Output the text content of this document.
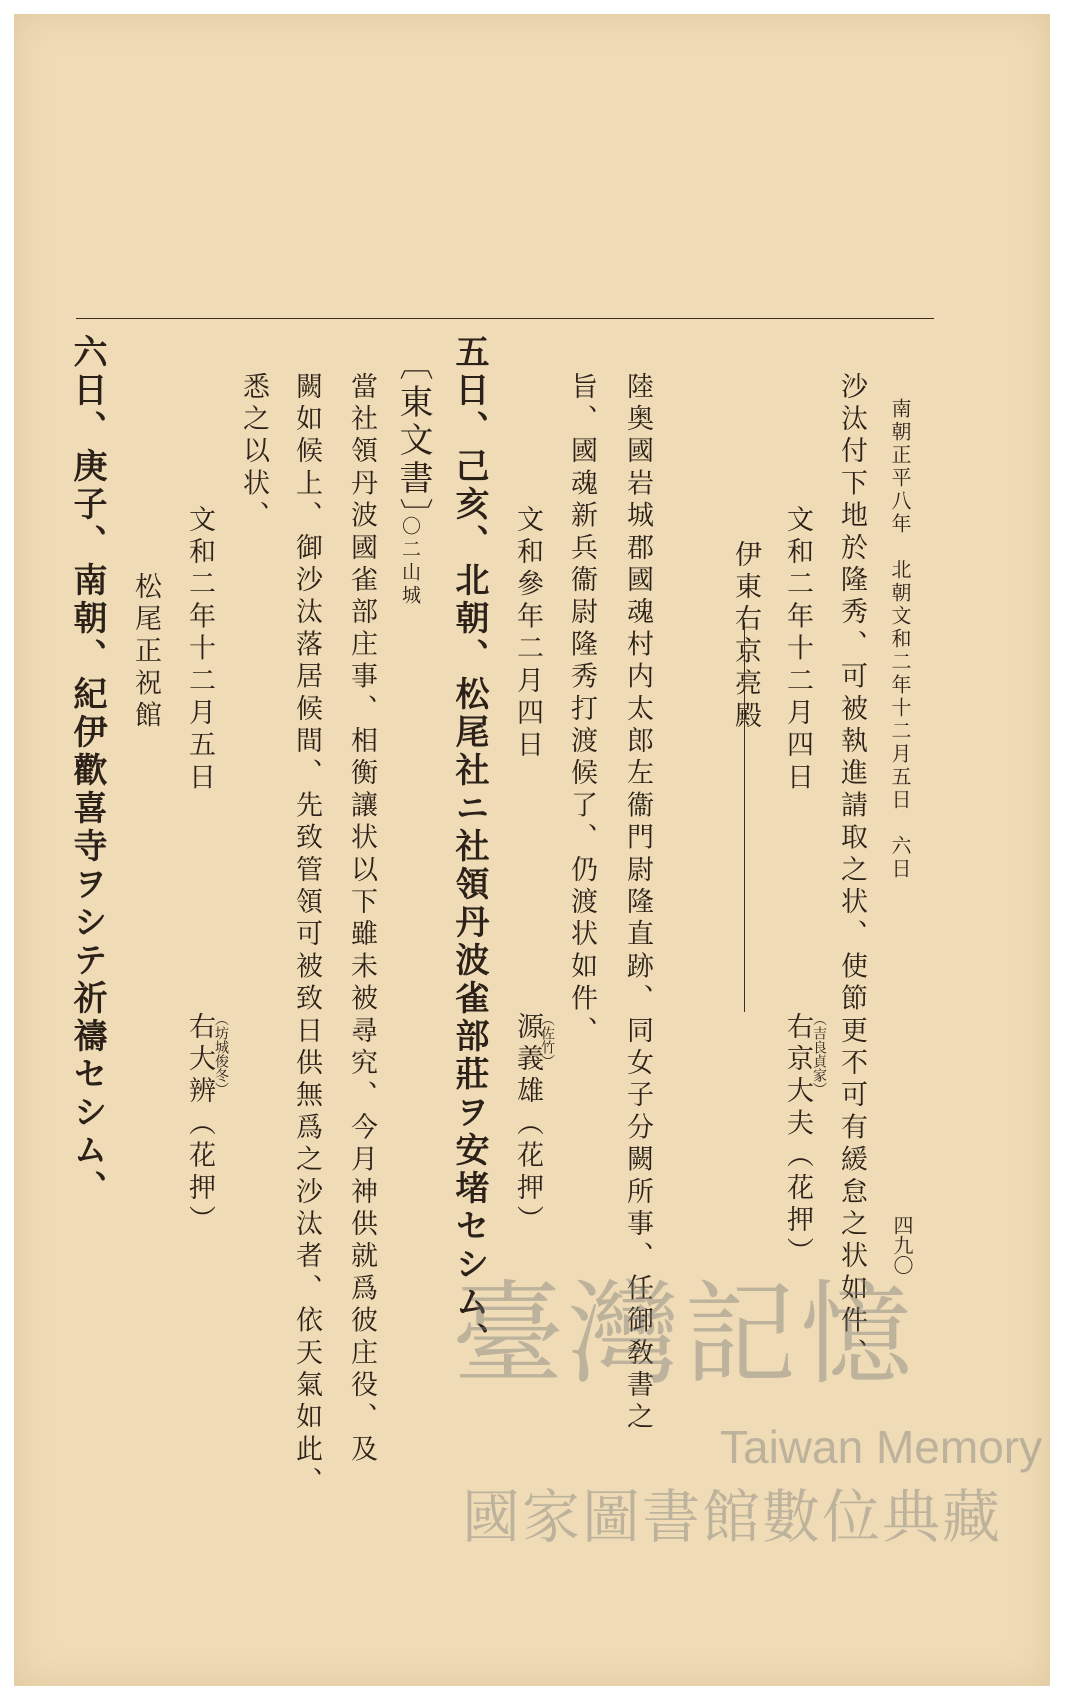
南朝正平八年　北朝文和二年十二月五日　六日
四九〇
沙汰付下地於隆秀、可被執進請取之状、使節更不可有緩怠之状如件、
文和二年十二月四日
（吉良貞家）
右京大夫（花押）
伊東右京亮殿
陸奥國岩城郡國魂村内太郎左衞門尉隆直跡、同女子分闕所事、任御敎書之
旨、國魂新兵衞尉隆秀打渡候了、仍渡状如件、
文和參年二月四日
（佐竹）
源義雄（花押）
五日、己亥、北朝、松尾社ニ社領丹波雀部莊ヲ安堵セシム、
〔東文書〕
〇二山城
當社領丹波國雀部庄事、相衡讓状以下雖未被尋究、今月神供就爲彼庄役、及
闕如候上、御沙汰落居候間、先致管領可被致日供無爲之沙汰者、依天氣如此、
悉之以状、
文和二年十二月五日
（坊城俊冬）
右大辨（花押）
松尾正祝館
六日、庚子、南朝、紀伊歡喜寺ヲシテ祈禱セシム、
臺灣記憶
Taiwan Memory
國家圖書館數位典藏
